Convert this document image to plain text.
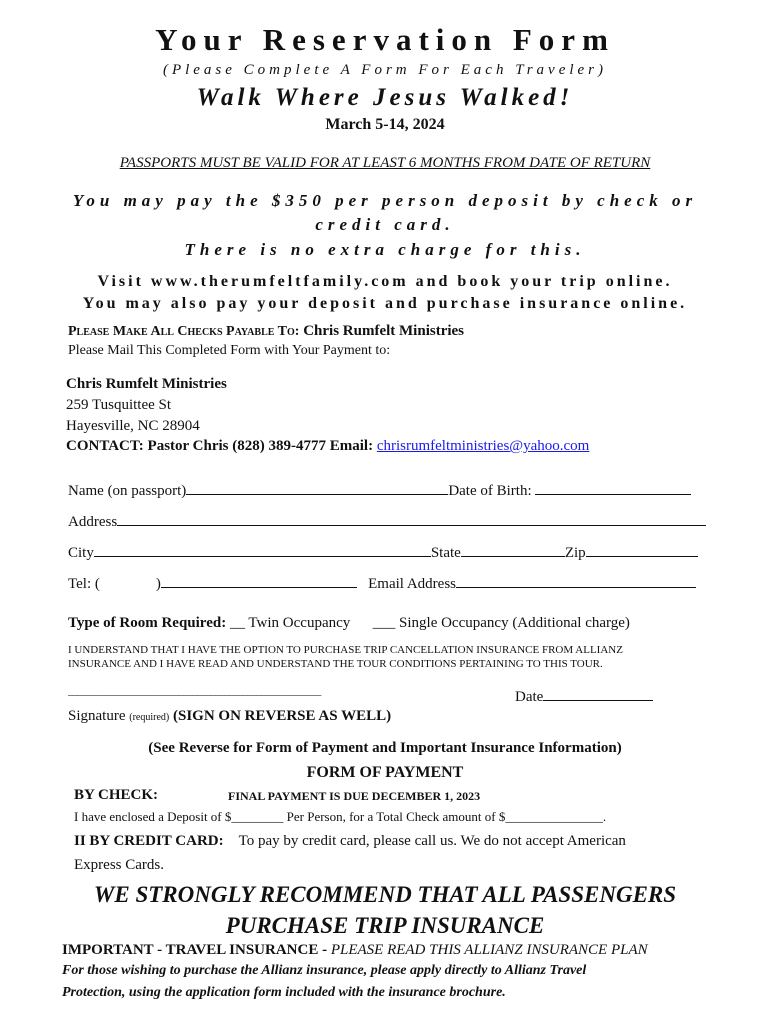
Your Reservation Form
(Please Complete A Form For Each Traveler)
Walk Where Jesus Walked!
March 5-14, 2024
PASSPORTS MUST BE VALID FOR AT LEAST 6 MONTHS FROM DATE OF RETURN
You may pay the $350 per person deposit by check or
credit card.
There is no extra charge for this.
Visit www.therumfeltfamily.com and book your trip online.
You may also pay your deposit and purchase insurance online.
Please Make All Checks Payable To: Chris Rumfelt Ministries
Please Mail This Completed Form with Your Payment to:
Chris Rumfelt Ministries
259 Tusquittee St
Hayesville, NC 28904
CONTACT: Pastor Chris (828) 389-4777 Email: chrisrumfeltministries@yahoo.com
Name (on passport)	Date of Birth:
Address
City	State	Zip
Tel: (	)	Email Address
Type of Room Required: __ Twin Occupancy ___ Single Occupancy (Additional charge)
I UNDERSTAND THAT I HAVE THE OPTION TO PURCHASE TRIP CANCELLATION INSURANCE FROM ALLIANZ
INSURANCE AND I HAVE READ AND UNDERSTAND THE TOUR CONDITIONS PERTAINING TO THIS TOUR.
_______________________________________________________	Date
Signature (required) (SIGN ON REVERSE AS WELL)
(See Reverse for Form of Payment and Important Insurance Information)
FORM OF PAYMENT
BY CHECK:	FINAL PAYMENT IS DUE DECEMBER 1, 2023
I have enclosed a Deposit of $________ Per Person, for a Total Check amount of $_______________.
II BY CREDIT CARD: To pay by credit card, please call us. We do not accept American
Express Cards.
WE STRONGLY RECOMMEND THAT ALL PASSENGERS
PURCHASE TRIP INSURANCE
IMPORTANT - TRAVEL INSURANCE - PLEASE READ THIS ALLIANZ INSURANCE PLAN
For those wishing to purchase the Allianz insurance, please apply directly to Allianz Travel
Protection, using the application form included with the insurance brochure.
